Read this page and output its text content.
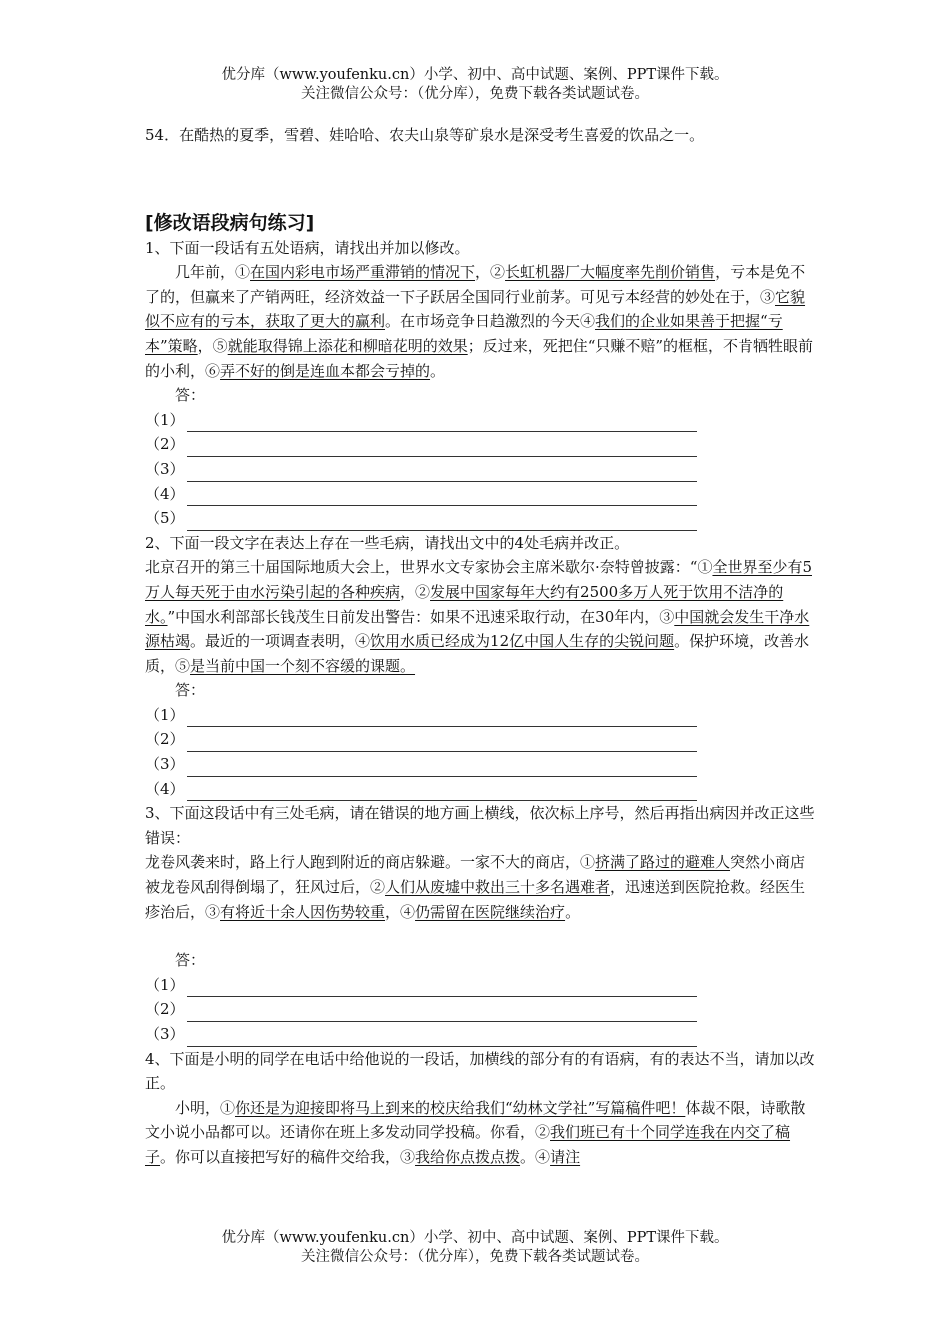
优分库（www.youfenku.cn）小学、初中、高中试题、案例、PPT课件下载。
关注微信公众号：（优分库），免费下载各类试题试卷。

54．在酷热的夏季，雪碧、娃哈哈、农夫山泉等矿泉水是深受考生喜爱的饮品之一。

[修改语段病句练习]

1、下面一段话有五处语病，请找出并加以修改。

几年前，①在国内彩电市场严重滞销的情况下，②长虹机器厂大幅度率先削价销售，亏本是免不了的，但赢来了产销两旺，经济效益一下子跃居全国同行业前茅。可见亏本经营的妙处在于，③它貌似不应有的亏本，获取了更大的赢利。在市场竞争日趋激烈的今天④我们的企业如果善于把握“亏本”策略，⑤就能取得锦上添花和柳暗花明的效果；反过来，死把住“只赚不赔”的框框，不肯牺牲眼前的小利，⑥弄不好的倒是连血本都会亏掉的。

答：

（1）
（2）
（3）
（4）
（5）

2、下面一段文字在表达上存在一些毛病，请找出文中的4处毛病并改正。

北京召开的第三十届国际地质大会上，世界水文专家协会主席米歇尔·奈特曾披露：“①全世界至少有5万人每天死于由水污染引起的各种疾病，②发展中国家每年大约有2500多万人死于饮用不洁净的水。”中国水利部部长钱茂生日前发出警告：如果不迅速采取行动，在30年内，③中国就会发生干净水源枯竭。最近的一项调查表明，④饮用水质已经成为12亿中国人生存的尖锐问题。保护环境，改善水质，⑤是当前中国一个刻不容缓的课题。

答：

（1）
（2）
（3）
（4）

3、下面这段话中有三处毛病，请在错误的地方画上横线，依次标上序号，然后再指出病因并改正这些错误：

龙卷风袭来时，路上行人跑到附近的商店躲避。一家不大的商店，①挤满了路过的避难人突然小商店被龙卷风刮得倒塌了，狂风过后，②人们从废墟中救出三十多名遇难者，迅速送到医院抢救。经医生疹治后，③有将近十余人因伤势较重，④仍需留在医院继续治疗。

答：

（1）
（2）
（3）

4、下面是小明的同学在电话中给他说的一段话，加横线的部分有的有语病，有的表达不当，请加以改正。

小明，①你还是为迎接即将马上到来的校庆给我们“幼林文学社”写篇稿件吧！体裁不限，诗歌散文小说小品都可以。还请你在班上多发动同学投稿。你看，②我们班已有十个同学连我在内交了稿子。你可以直接把写好的稿件交给我，③我给你点拨点拨。④请注

优分库（www.youfenku.cn）小学、初中、高中试题、案例、PPT课件下载。
关注微信公众号：（优分库），免费下载各类试题试卷。
